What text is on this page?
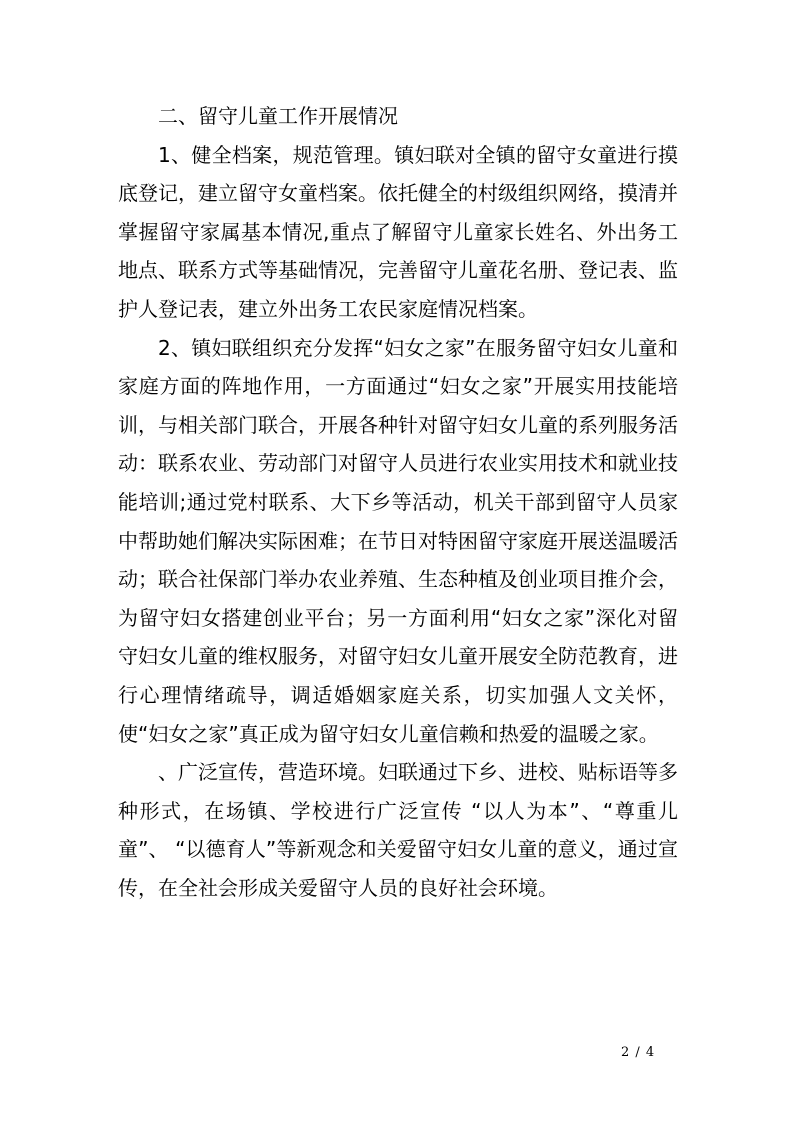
二、留守儿童工作开展情况

1、健全档案，规范管理。镇妇联对全镇的留守女童进行摸底登记，建立留守女童档案。依托健全的村级组织网络，摸清并掌握留守家属基本情况,重点了解留守儿童家长姓名、外出务工地点、联系方式等基础情况，完善留守儿童花名册、登记表、监护人登记表，建立外出务工农民家庭情况档案。

2、镇妇联组织充分发挥“妇女之家”在服务留守妇女儿童和家庭方面的阵地作用，一方面通过“妇女之家”开展实用技能培训，与相关部门联合，开展各种针对留守妇女儿童的系列服务活动：联系农业、劳动部门对留守人员进行农业实用技术和就业技能培训;通过党村联系、大下乡等活动，机关干部到留守人员家中帮助她们解决实际困难；在节日对特困留守家庭开展送温暖活动；联合社保部门举办农业养殖、生态种植及创业项目推介会，为留守妇女搭建创业平台；另一方面利用“妇女之家”深化对留守妇女儿童的维权服务，对留守妇女儿童开展安全防范教育，进行心理情绪疏导，调适婚姻家庭关系，切实加强人文关怀，使“妇女之家”真正成为留守妇女儿童信赖和热爱的温暖之家。

、广泛宣传，营造环境。妇联通过下乡、进校、贴标语等多种形式，在场镇、学校进行广泛宣传 “以人为本”、“尊重儿童”、 “以德育人”等新观念和关爱留守妇女儿童的意义，通过宣传，在全社会形成关爱留守人员的良好社会环境。

2 / 4
